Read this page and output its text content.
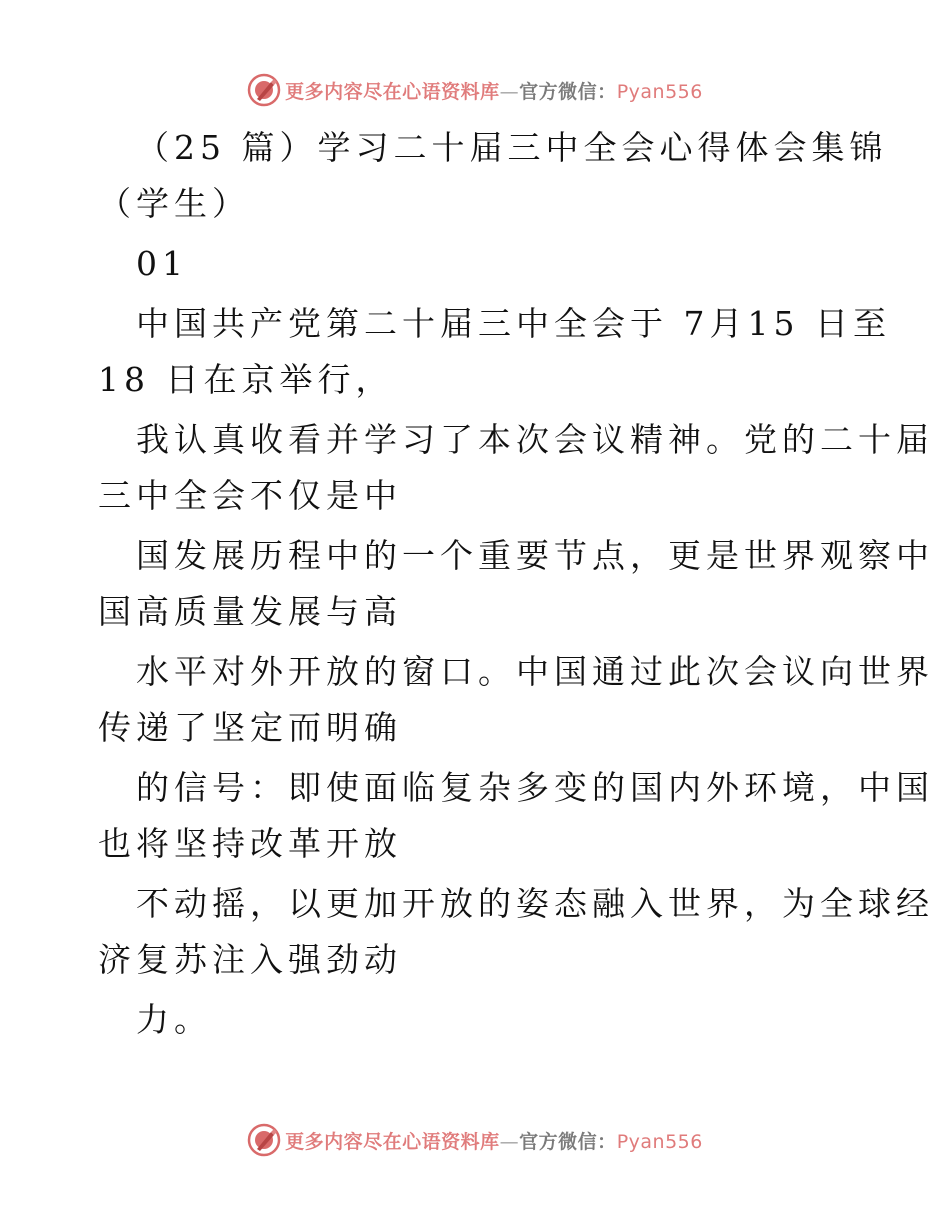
更多内容尽在心语资料库—官方微信：Pyan556
（25 篇）学习二十届三中全会心得体会集锦
（学生）
01
中国共产党第二十届三中全会于 7月15 日至
18 日在京举行，
我认真收看并学习了本次会议精神。党的二十届
三中全会不仅是中
国发展历程中的一个重要节点，更是世界观察中
国高质量发展与高
水平对外开放的窗口。中国通过此次会议向世界
传递了坚定而明确
的信号：即使面临复杂多变的国内外环境，中国
也将坚持改革开放
不动摇，以更加开放的姿态融入世界，为全球经
济复苏注入强劲动
力。
更多内容尽在心语资料库—官方微信：Pyan556
